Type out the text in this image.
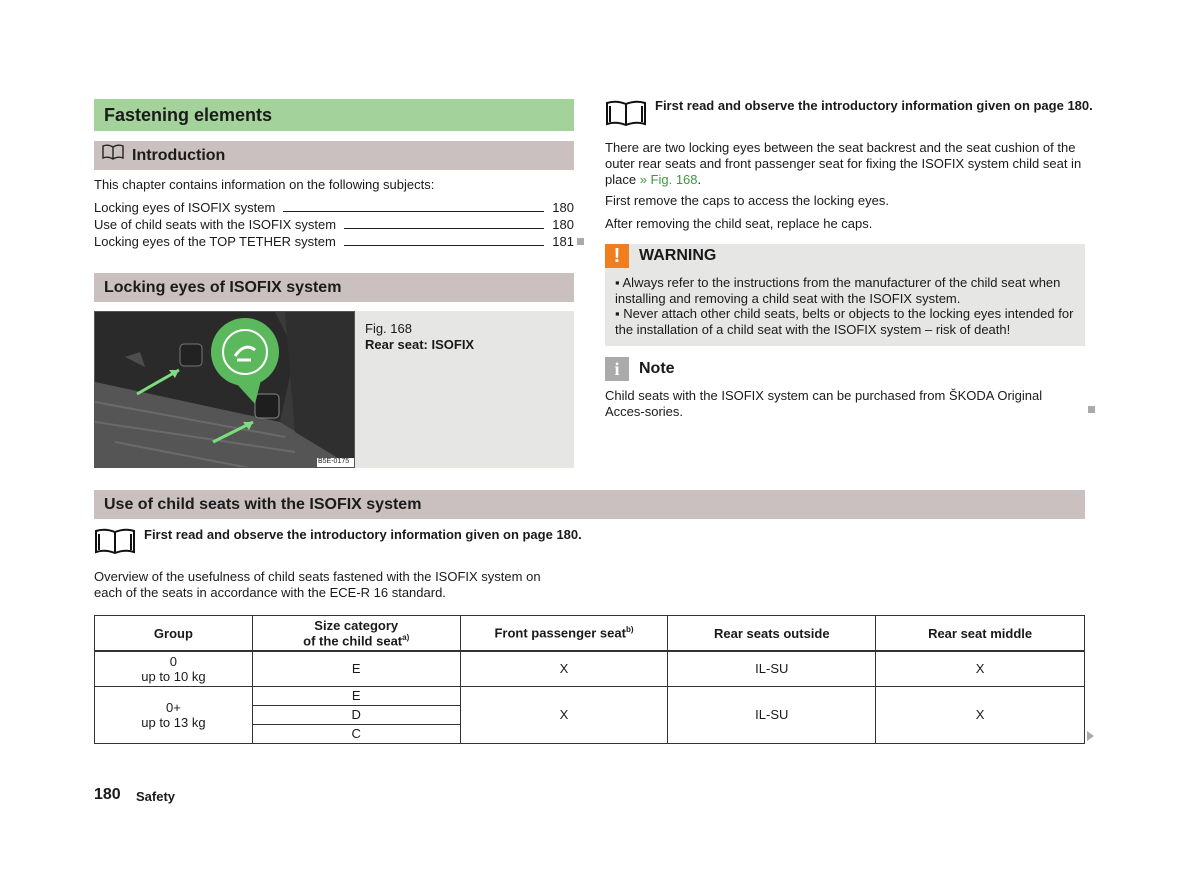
Fastening elements
Introduction
This chapter contains information on the following subjects:
Locking eyes of ISOFIX system	180
Use of child seats with the ISOFIX system	180
Locking eyes of the TOP TETHER system	181
Locking eyes of ISOFIX system
B5E-0175
Fig. 168
Rear seat: ISOFIX
First read and observe the introductory information given on page 180.
There are two locking eyes between the seat backrest and the seat cushion of the outer rear seats and front passenger seat for fixing the ISOFIX system child seat in place » Fig. 168.
First remove the caps to access the locking eyes.
After removing the child seat, replace he caps.
!	WARNING
▪ Always refer to the instructions from the manufacturer of the child seat when installing and removing a child seat with the ISOFIX system.
▪ Never attach other child seats, belts or objects to the locking eyes intended for the installation of a child seat with the ISOFIX system – risk of death!
i	Note
Child seats with the ISOFIX system can be purchased from ŠKODA Original Acces-sories.
Use of child seats with the ISOFIX system
First read and observe the introductory information given on page 180.
Overview of the usefulness of child seats fastened with the ISOFIX system on each of the seats in accordance with the ECE-R 16 standard.
Group	Size category
of the child seat$^{a)}$	Front passenger seat$^{b)}$	Rear seats outside	Rear seat middle
0
up to 10 kg	E	X	IL-SU	X
0+
up to 13 kg	E	X	IL-SU	X
	D			
	C			
180 Safety
